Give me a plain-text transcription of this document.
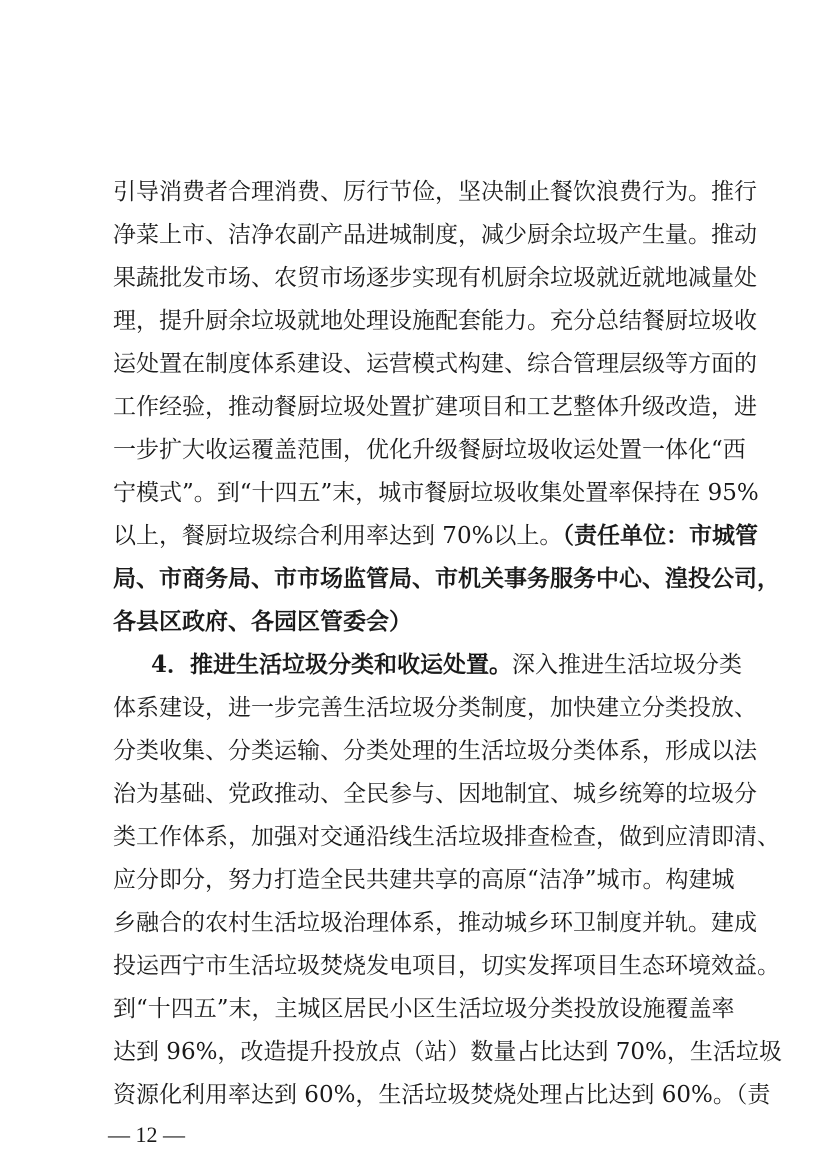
引导消费者合理消费、厉行节俭，坚决制止餐饮浪费行为。推行
净菜上市、洁净农副产品进城制度，减少厨余垃圾产生量。推动
果蔬批发市场、农贸市场逐步实现有机厨余垃圾就近就地减量处
理，提升厨余垃圾就地处理设施配套能力。充分总结餐厨垃圾收
运处置在制度体系建设、运营模式构建、综合管理层级等方面的
工作经验，推动餐厨垃圾处置扩建项目和工艺整体升级改造，进
一步扩大收运覆盖范围，优化升级餐厨垃圾收运处置一体化“西
宁模式”。到“十四五”末，城市餐厨垃圾收集处置率保持在 95%
以上，餐厨垃圾综合利用率达到 70%以上。（责任单位：市城管
局、市商务局、市市场监管局、市机关事务服务中心、湟投公司，
各县区政府、各园区管委会）
4．推进生活垃圾分类和收运处置。深入推进生活垃圾分类
体系建设，进一步完善生活垃圾分类制度，加快建立分类投放、
分类收集、分类运输、分类处理的生活垃圾分类体系，形成以法
治为基础、党政推动、全民参与、因地制宜、城乡统筹的垃圾分
类工作体系，加强对交通沿线生活垃圾排查检查，做到应清即清、
应分即分，努力打造全民共建共享的高原“洁净”城市。构建城
乡融合的农村生活垃圾治理体系，推动城乡环卫制度并轨。建成
投运西宁市生活垃圾焚烧发电项目，切实发挥项目生态环境效益。
到“十四五”末，主城区居民小区生活垃圾分类投放设施覆盖率
达到 96%，改造提升投放点（站）数量占比达到 70%，生活垃圾
资源化利用率达到 60%，生活垃圾焚烧处理占比达到 60%。（责
— 12 —
